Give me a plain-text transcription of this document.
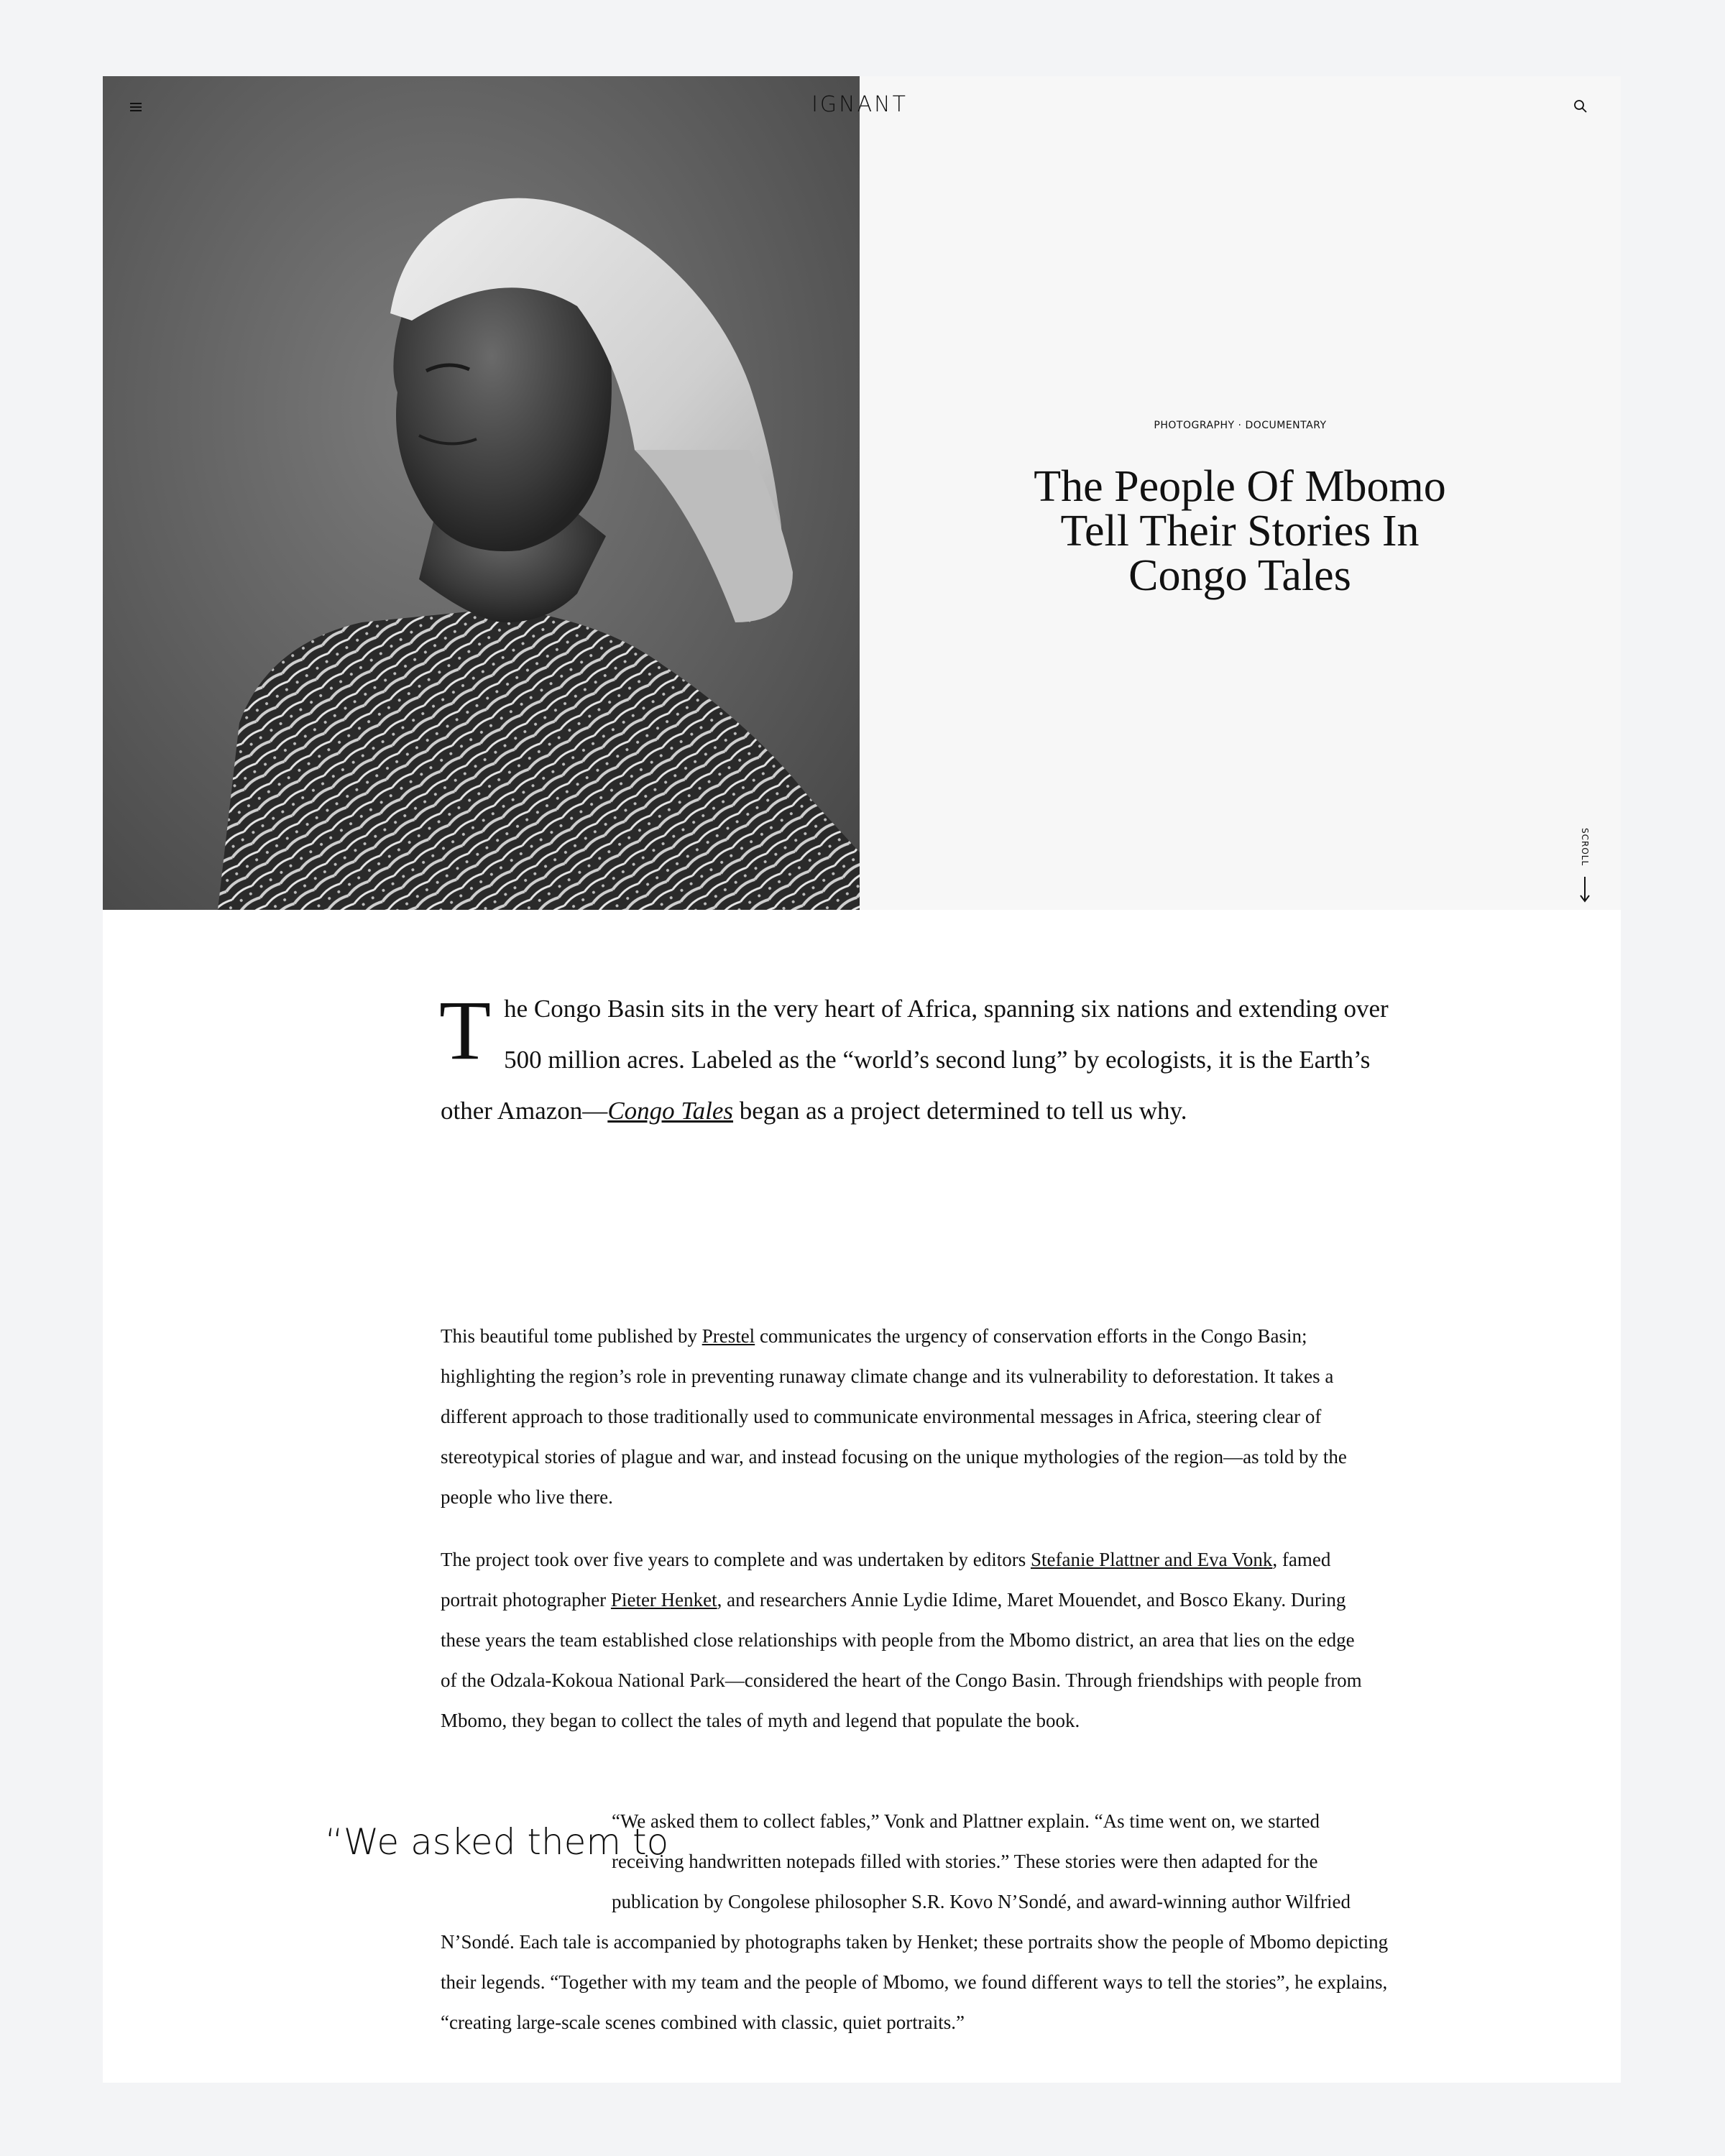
IGNANT
PHOTOGRAPHY · DOCUMENTARY
The People Of Mbomo Tell Their Stories In Congo Tales
SCROLL

The Congo Basin sits in the very heart of Africa, spanning six nations and extending over 500 million acres. Labeled as the “world’s second lung” by ecologists, it is the Earth’s other Amazon—Congo Tales began as a project determined to tell us why.

This beautiful tome published by Prestel communicates the urgency of conservation efforts in the Congo Basin; highlighting the region’s role in preventing runaway climate change and its vulnerability to deforestation. It takes a different approach to those traditionally used to communicate environmental messages in Africa, steering clear of stereotypical stories of plague and war, and instead focusing on the unique mythologies of the region—as told by the people who live there.

The project took over five years to complete and was undertaken by editors Stefanie Plattner and Eva Vonk, famed portrait photographer Pieter Henket, and researchers Annie Lydie Idime, Maret Mouendet, and Bosco Ekany. During these years the team established close relationships with people from the Mbomo district, an area that lies on the edge of the Odzala-Kokoua National Park—considered the heart of the Congo Basin. Through friendships with people from Mbomo, they began to collect the tales of myth and legend that populate the book.

“We asked them to collect fables,” Vonk and Plattner explain. “As time went on, we started receiving handwritten notepads filled with stories.” These stories were then adapted for the publication by Congolese philosopher S.R. Kovo N’Sondé, and award-winning author Wilfried N’Sondé. Each tale is accompanied by photographs taken by Henket; these portraits show the people of Mbomo depicting their legends. “Together with my team and the people of Mbomo, we found different ways to tell the stories”, he explains, “creating large-scale scenes combined with classic, quiet portraits.”

“We asked them to
